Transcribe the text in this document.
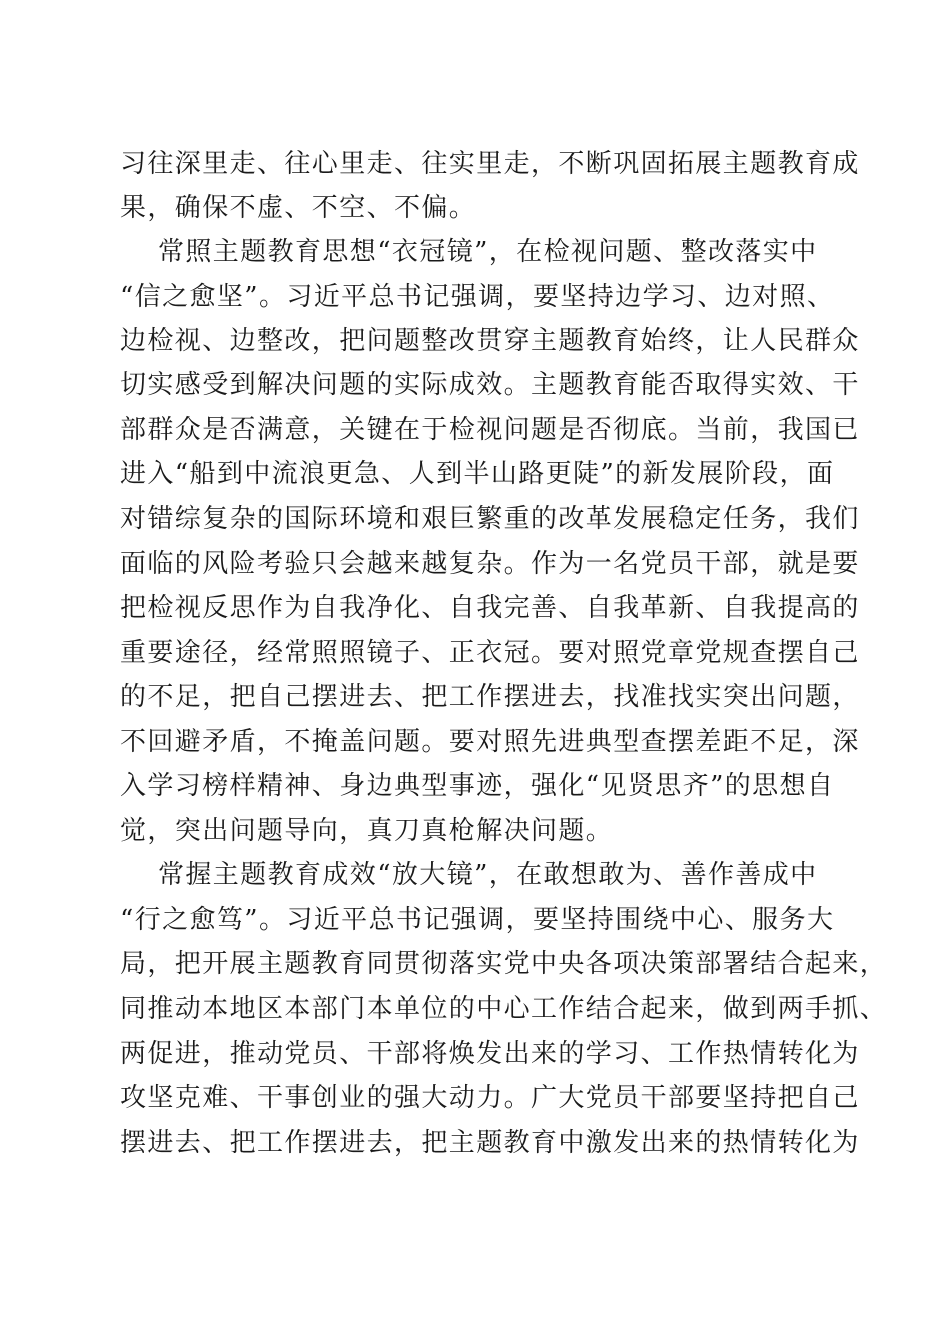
习往深里走、往心里走、往实里走，不断巩固拓展主题教育成
果，确保不虚、不空、不偏。
常照主题教育思想“衣冠镜”，在检视问题、整改落实中
“信之愈坚”。习近平总书记强调，要坚持边学习、边对照、
边检视、边整改，把问题整改贯穿主题教育始终，让人民群众
切实感受到解决问题的实际成效。主题教育能否取得实效、干
部群众是否满意，关键在于检视问题是否彻底。当前，我国已
进入“船到中流浪更急、人到半山路更陡”的新发展阶段，面
对错综复杂的国际环境和艰巨繁重的改革发展稳定任务，我们
面临的风险考验只会越来越复杂。作为一名党员干部，就是要
把检视反思作为自我净化、自我完善、自我革新、自我提高的
重要途径，经常照照镜子、正衣冠。要对照党章党规查摆自己
的不足，把自己摆进去、把工作摆进去，找准找实突出问题，
不回避矛盾，不掩盖问题。要对照先进典型查摆差距不足，深
入学习榜样精神、身边典型事迹，强化“见贤思齐”的思想自
觉，突出问题导向，真刀真枪解决问题。
常握主题教育成效“放大镜”，在敢想敢为、善作善成中
“行之愈笃”。习近平总书记强调，要坚持围绕中心、服务大
局，把开展主题教育同贯彻落实党中央各项决策部署结合起来，
同推动本地区本部门本单位的中心工作结合起来，做到两手抓、
两促进，推动党员、干部将焕发出来的学习、工作热情转化为
攻坚克难、干事创业的强大动力。广大党员干部要坚持把自己
摆进去、把工作摆进去，把主题教育中激发出来的热情转化为
